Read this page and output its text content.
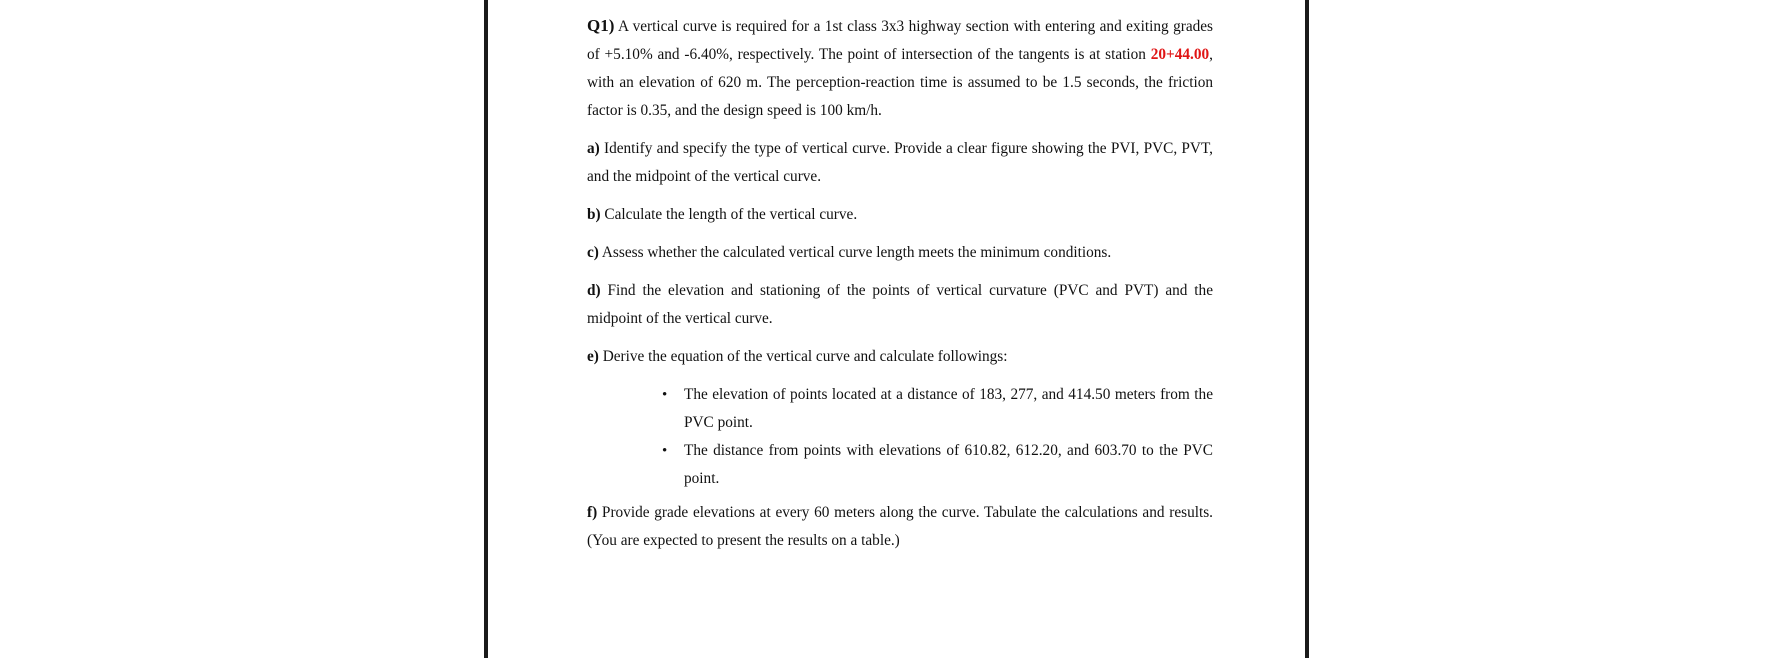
Q1) A vertical curve is required for a 1st class 3x3 highway section with entering and exiting grades of +5.10% and -6.40%, respectively. The point of intersection of the tangents is at station 20+44.00, with an elevation of 620 m. The perception-reaction time is assumed to be 1.5 seconds, the friction factor is 0.35, and the design speed is 100 km/h.

a) Identify and specify the type of vertical curve. Provide a clear figure showing the PVI, PVC, PVT, and the midpoint of the vertical curve.

b) Calculate the length of the vertical curve.

c) Assess whether the calculated vertical curve length meets the minimum conditions.

d) Find the elevation and stationing of the points of vertical curvature (PVC and PVT) and the midpoint of the vertical curve.

e) Derive the equation of the vertical curve and calculate followings:

• The elevation of points located at a distance of 183, 277, and 414.50 meters from the PVC point.
• The distance from points with elevations of 610.82, 612.20, and 603.70 to the PVC point.

f) Provide grade elevations at every 60 meters along the curve. Tabulate the calculations and results. (You are expected to present the results on a table.)
